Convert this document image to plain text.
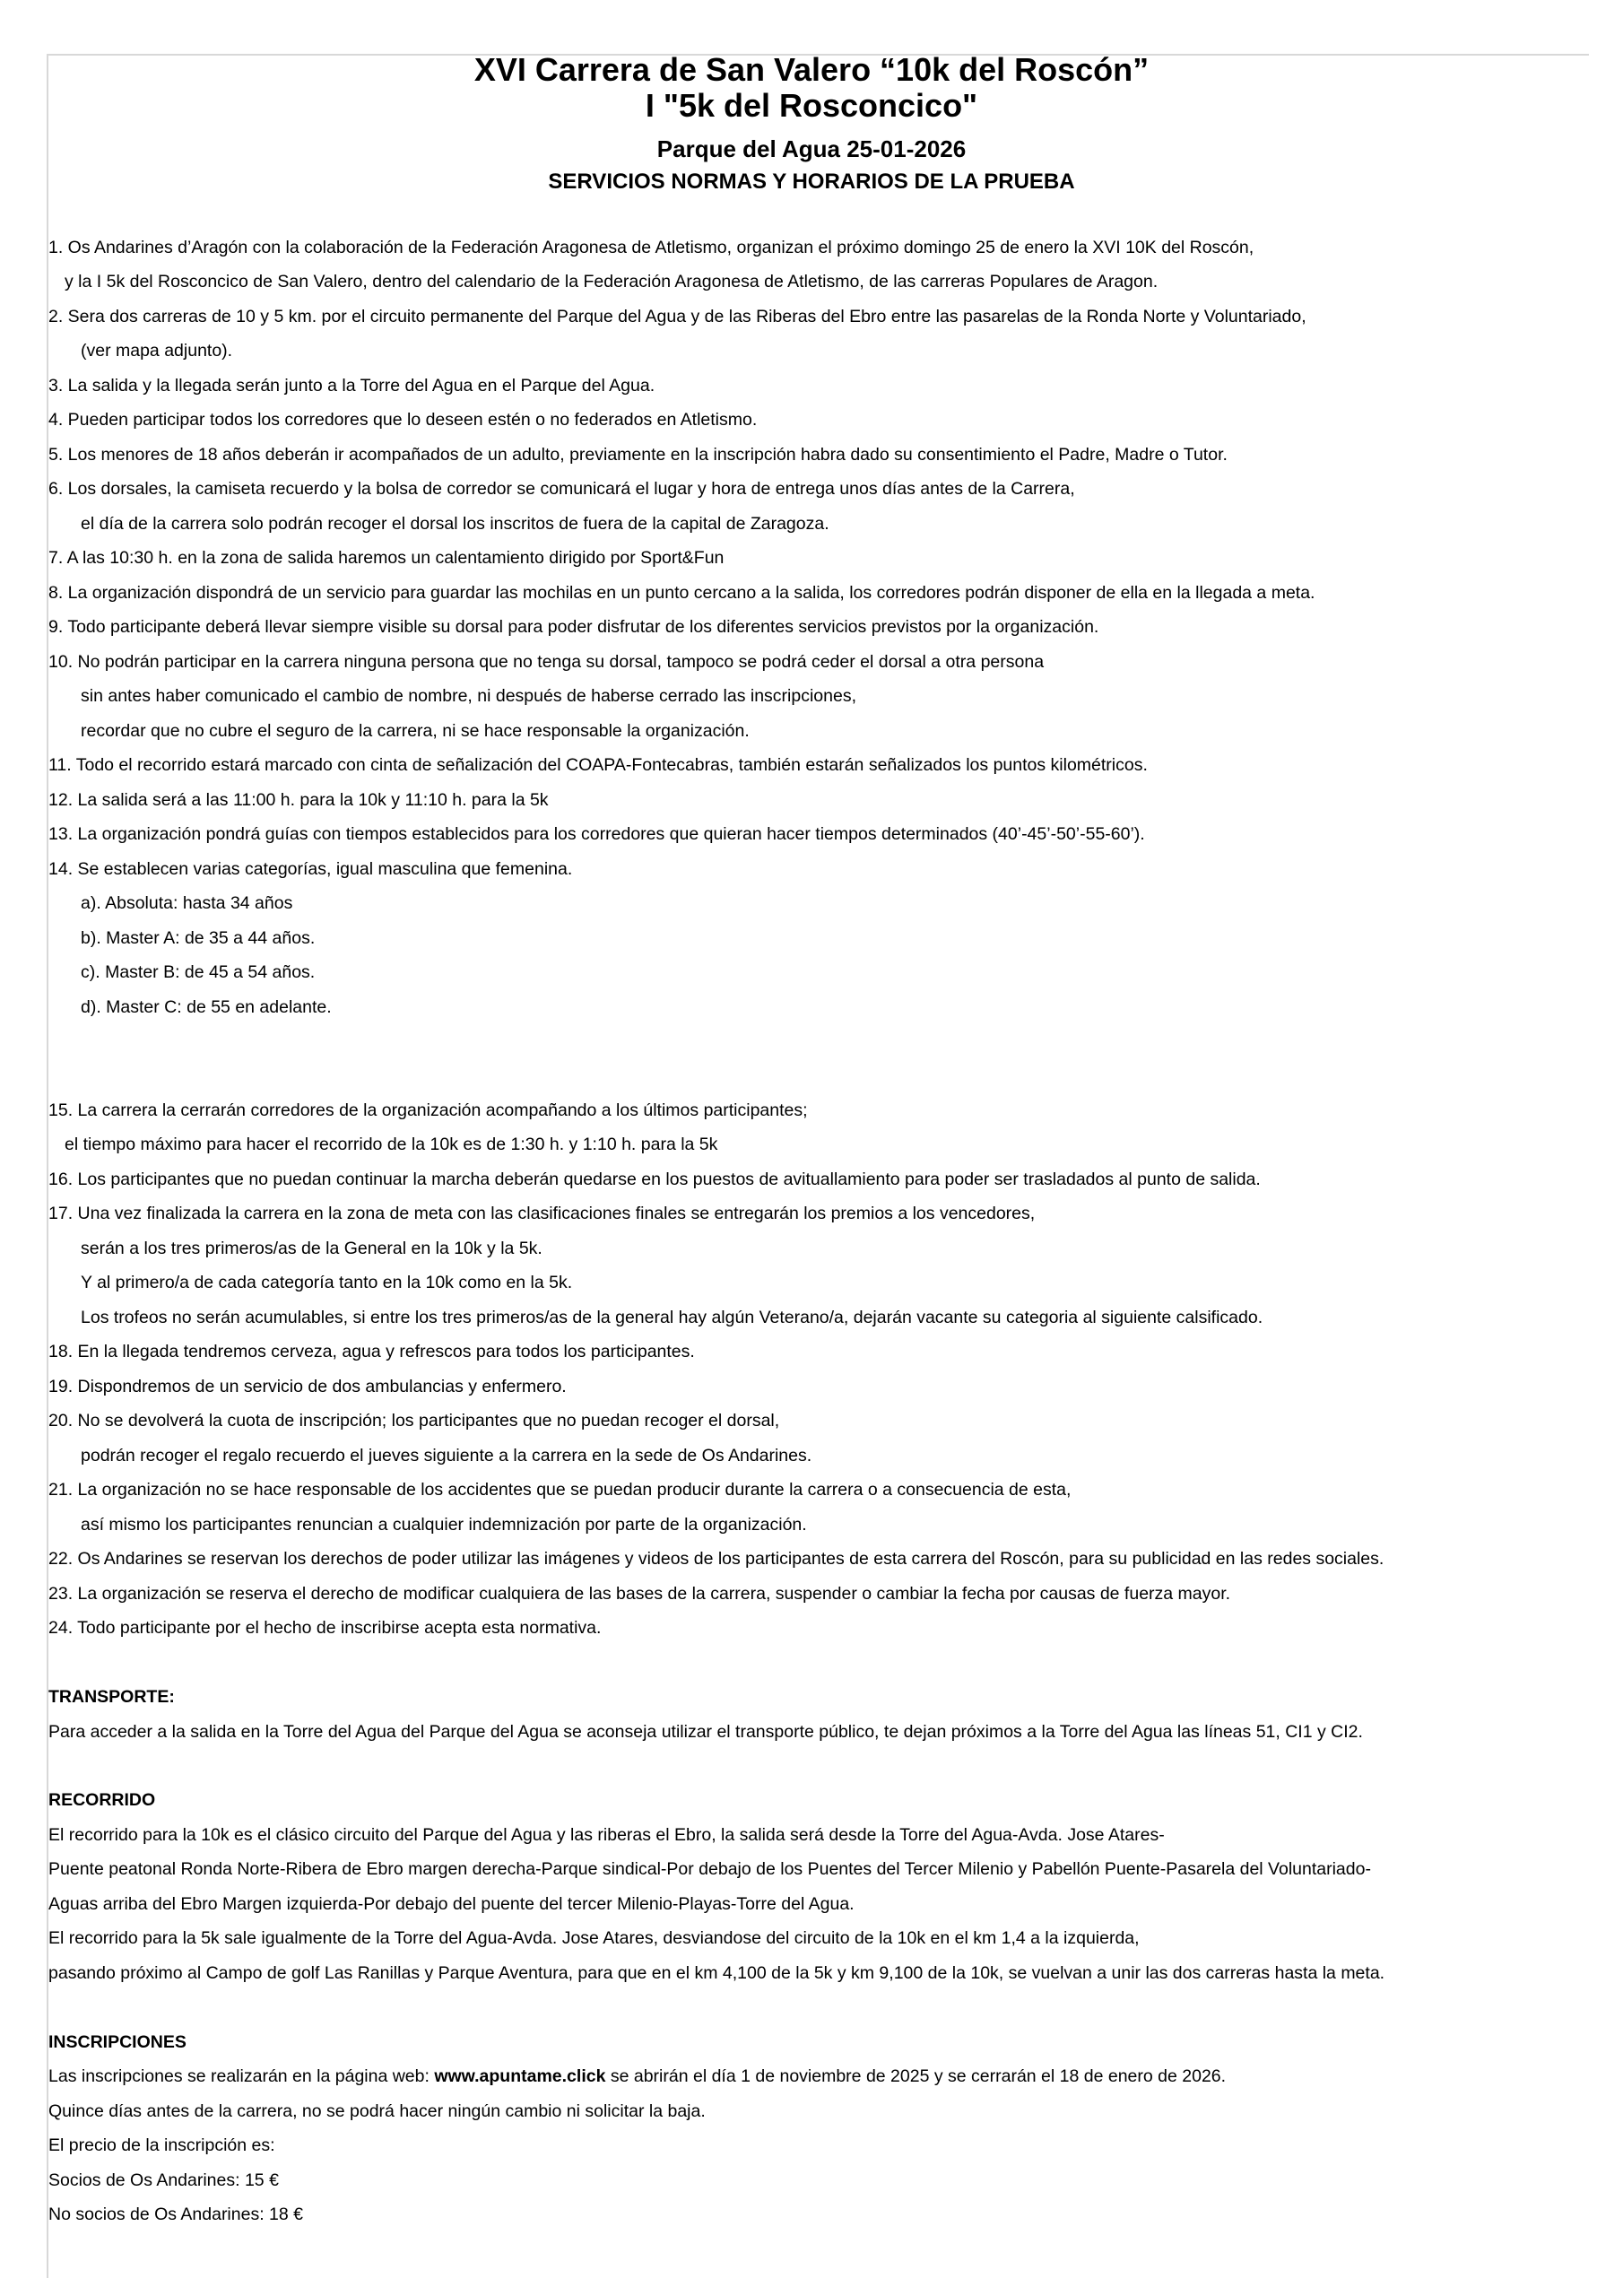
XVI Carrera de San Valero “10k del Roscón”
I "5k del Rosconcico"
Parque del Agua 25-01-2026
SERVICIOS NORMAS Y HORARIOS DE LA PRUEBA
1. Os Andarines d’Aragón con la colaboración de la Federación Aragonesa de Atletismo, organizan el próximo domingo 25 de enero la XVI 10K del Roscón,
y la I 5k del Rosconcico de San Valero, dentro del calendario de la Federación Aragonesa de Atletismo, de las carreras Populares de Aragon.
2. Sera dos carreras de 10 y 5 km. por el circuito permanente del Parque del Agua y de las Riberas del Ebro entre las pasarelas de la Ronda Norte y Voluntariado,
(ver mapa adjunto).
3. La salida y la llegada serán junto a la Torre del Agua en el Parque del Agua.
4. Pueden participar todos los corredores que lo deseen estén o no federados en Atletismo.
5. Los menores de 18 años deberán ir acompañados de un adulto, previamente en la inscripción habra dado su consentimiento el Padre, Madre o Tutor.
6. Los dorsales, la camiseta recuerdo y la bolsa de corredor se comunicará el lugar y hora de entrega unos días antes de la Carrera,
el día de la carrera solo podrán recoger el dorsal los inscritos de fuera de la capital de Zaragoza.
7. A las 10:30 h. en la zona de salida haremos un calentamiento dirigido por Sport&Fun
8. La organización dispondrá de un servicio para guardar las mochilas en un punto cercano a la salida, los corredores podrán disponer de ella en la llegada a meta.
9. Todo participante deberá llevar siempre visible su dorsal para poder disfrutar de los diferentes servicios previstos por la organización.
10. No podrán participar en la carrera ninguna persona que no tenga su dorsal, tampoco se podrá ceder el dorsal a otra persona
sin antes haber comunicado el cambio de nombre, ni después de haberse cerrado las inscripciones,
recordar que no cubre el seguro de la carrera, ni se hace responsable la organización.
11. Todo el recorrido estará marcado con cinta de señalización del COAPA-Fontecabras, también estarán señalizados los puntos kilométricos.
12. La salida será a las 11:00 h. para la 10k y 11:10 h. para la 5k
13. La organización pondrá guías con tiempos establecidos para los corredores que quieran hacer tiempos determinados (40’-45’-50’-55-60’).
14. Se establecen varias categorías, igual masculina que femenina.
a). Absoluta: hasta 34 años
b). Master A: de 35 a 44 años.
c). Master B: de 45 a 54 años.
d). Master C: de 55 en adelante.
15. La carrera la cerrarán corredores de la organización acompañando a los últimos participantes;
el tiempo máximo para hacer el recorrido de la 10k es de 1:30 h. y 1:10 h. para la 5k
16. Los participantes que no puedan continuar la marcha deberán quedarse en los puestos de avituallamiento para poder ser trasladados al punto de salida.
17. Una vez finalizada la carrera en la zona de meta con las clasificaciones finales se entregarán los premios a los vencedores,
serán a los tres primeros/as de la General en la 10k y la 5k.
Y al primero/a de cada categoría tanto en la 10k como en la 5k.
Los trofeos no serán acumulables, si entre los tres primeros/as de la general hay algún Veterano/a, dejarán vacante su categoria al siguiente calsificado.
18. En la llegada tendremos cerveza, agua y refrescos para todos los participantes.
19. Dispondremos de un servicio de dos ambulancias y enfermero.
20. No se devolverá la cuota de inscripción; los participantes que no puedan recoger el dorsal,
podrán recoger el regalo recuerdo el jueves siguiente a la carrera en la sede de Os Andarines.
21. La organización no se hace responsable de los accidentes que se puedan producir durante la carrera o a consecuencia de esta,
así mismo los participantes renuncian a cualquier indemnización por parte de la organización.
22. Os Andarines se reservan los derechos de poder utilizar las imágenes y videos de los participantes de esta carrera del Roscón, para su publicidad en las redes sociales.
23. La organización se reserva el derecho de modificar cualquiera de las bases de la carrera, suspender o cambiar la fecha por causas de fuerza mayor.
24. Todo participante por el hecho de inscribirse acepta esta normativa.
TRANSPORTE:
Para acceder a la salida en la Torre del Agua del Parque del Agua se aconseja utilizar el transporte público, te dejan próximos a la Torre del Agua las líneas 51, CI1 y CI2.
RECORRIDO
El recorrido para la 10k es el clásico circuito del Parque del Agua y las riberas el Ebro, la salida será desde la Torre del Agua-Avda. Jose Atares-
Puente peatonal Ronda Norte-Ribera de Ebro margen derecha-Parque sindical-Por debajo de los Puentes del Tercer Milenio y Pabellón Puente-Pasarela del Voluntariado-
Aguas arriba del Ebro Margen izquierda-Por debajo del puente del tercer Milenio-Playas-Torre del Agua.
El recorrido para la 5k sale igualmente de la Torre del Agua-Avda. Jose Atares, desviandose del circuito de la 10k en el km 1,4 a la izquierda,
pasando próximo al Campo de golf Las Ranillas y Parque Aventura, para que en el km 4,100 de la 5k y km 9,100 de la 10k, se vuelvan a unir las dos carreras hasta la meta.
INSCRIPCIONES
Las inscripciones se realizarán en la página web: www.apuntame.click se abrirán el día 1 de noviembre de 2025 y se cerrarán el 18 de enero de 2026.
Quince días antes de la carrera, no se podrá hacer ningún cambio ni solicitar la baja.
El precio de la inscripción es:
Socios de Os Andarines: 15 €
No socios de Os Andarines: 18 €
